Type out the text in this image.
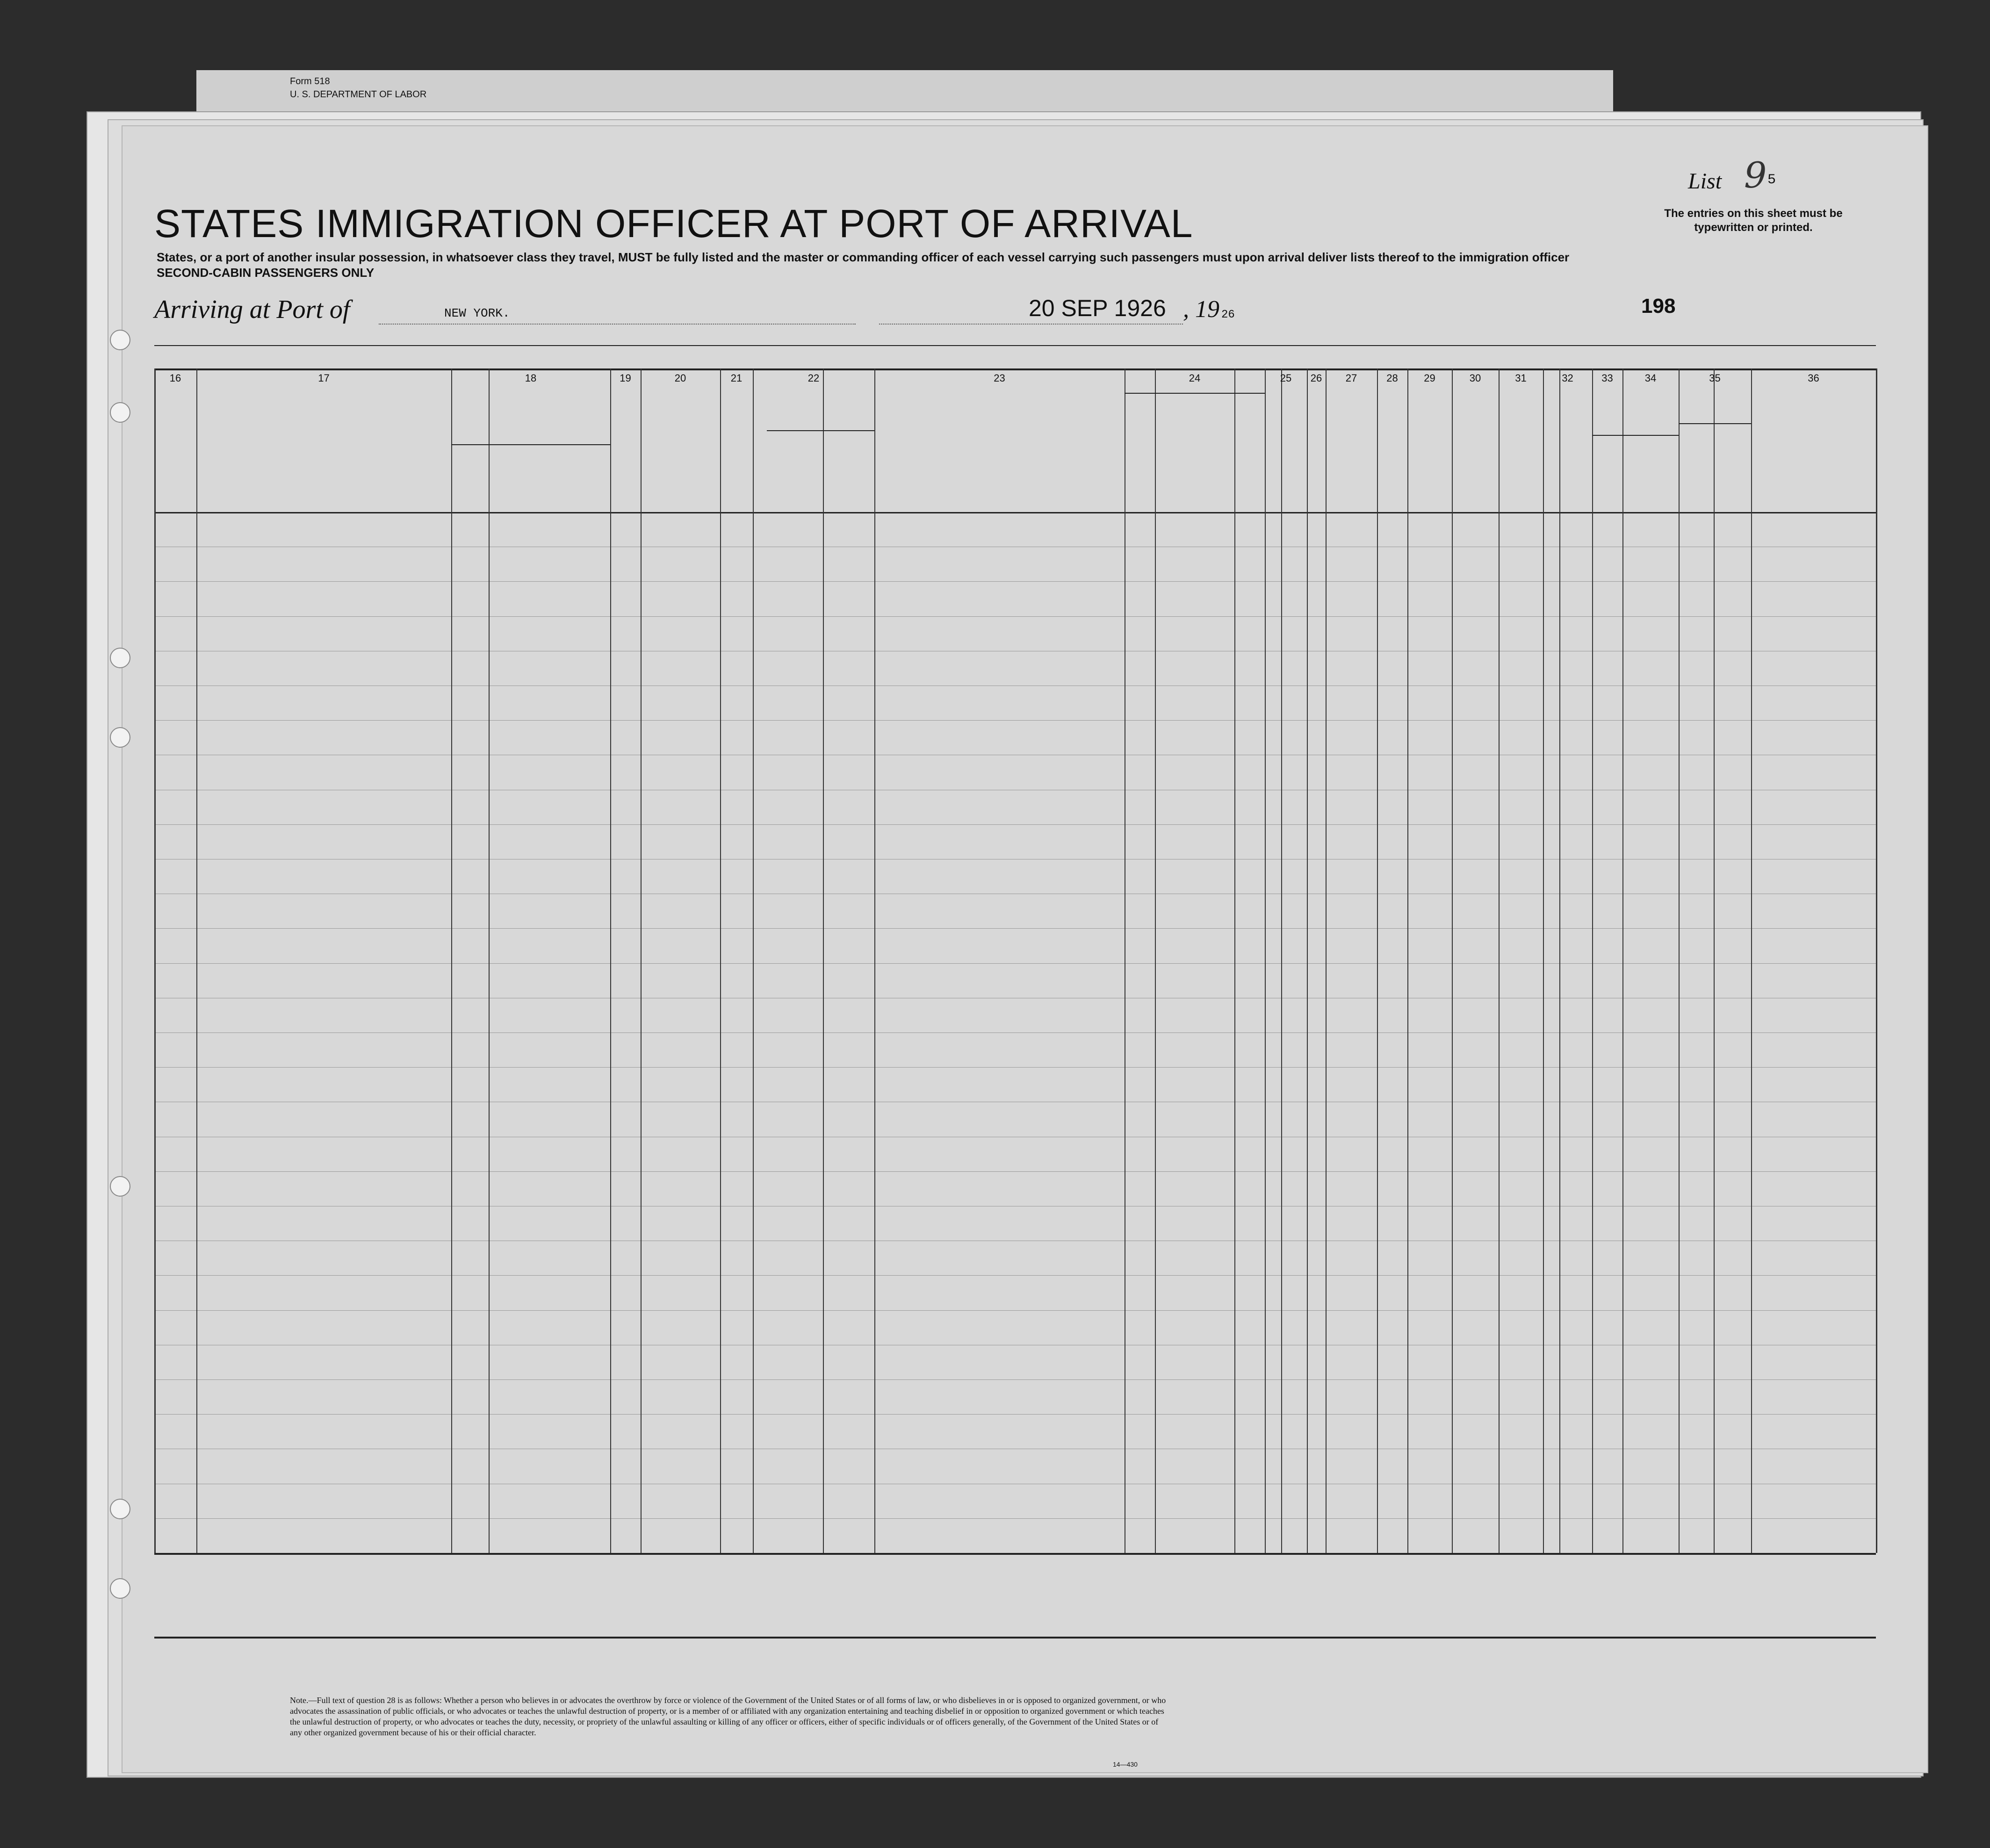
Form 518
U. S. DEPARTMENT OF LABOR
STATES IMMIGRATION OFFICER AT PORT OF ARRIVAL
States, or a port of another insular possession, in whatsoever class they travel, MUST be fully listed and the master or commanding officer of each vessel carrying such passengers must upon arrival deliver lists thereof to the immigration officer
SECOND-CABIN PASSENGERS ONLY
Arriving at Port of	NEW YORK.	20 SEP 1926 , 19 26	198
List 9 5
The entries on this sheet must be typewritten or printed.
16	17	18	19	20	21	22	23	24	25	26	27	28	29	30	31	32	33	34	35	36
Note.—Full text of question 28 is as follows: Whether a person who believes in or advocates the overthrow by force or violence of the Government of the United States or of all forms of law, or who disbelieves in or is opposed to organized government, or who advocates the assassination of public officials, or who advocates or teaches the unlawful destruction of property, or is a member of or affiliated with any organization entertaining and teaching disbelief in or opposition to organized government or which teaches the unlawful destruction of property, or who advocates or teaches the duty, necessity, or propriety of the unlawful assaulting or killing of any officer or officers, either of specific individuals or of officers generally, of the Government of the United States or of any other organized government because of his or their official character.
14—430
